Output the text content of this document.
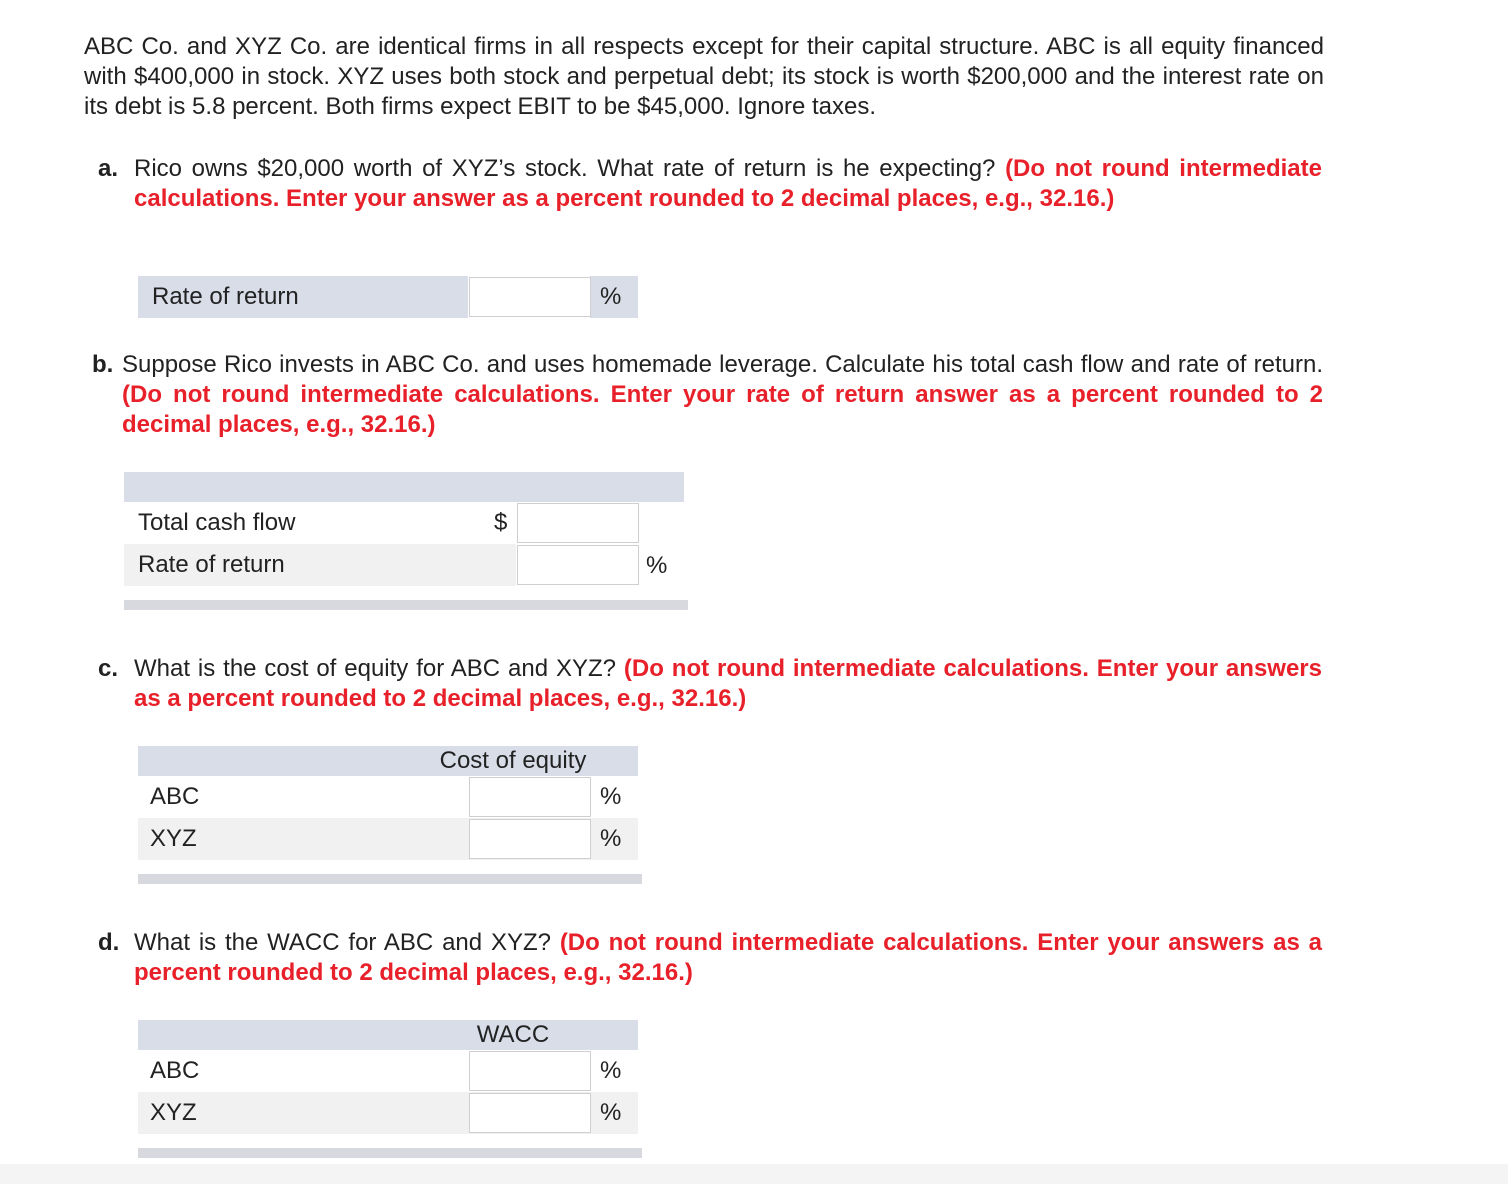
ABC Co. and XYZ Co. are identical firms in all respects except for their capital structure. ABC is all equity financed with $400,000 in stock. XYZ uses both stock and perpetual debt; its stock is worth $200,000 and the interest rate on its debt is 5.8 percent. Both firms expect EBIT to be $45,000. Ignore taxes.
a. Rico owns $20,000 worth of XYZ’s stock. What rate of return is he expecting? (Do not round intermediate calculations. Enter your answer as a percent rounded to 2 decimal places, e.g., 32.16.)
Rate of return	%
b. Suppose Rico invests in ABC Co. and uses homemade leverage. Calculate his total cash flow and rate of return. (Do not round intermediate calculations. Enter your rate of return answer as a percent rounded to 2 decimal places, e.g., 32.16.)
Total cash flow	$
Rate of return	%
c. What is the cost of equity for ABC and XYZ? (Do not round intermediate calculations. Enter your answers as a percent rounded to 2 decimal places, e.g., 32.16.)
Cost of equity
ABC	%
XYZ	%
d. What is the WACC for ABC and XYZ? (Do not round intermediate calculations. Enter your answers as a percent rounded to 2 decimal places, e.g., 32.16.)
WACC
ABC	%
XYZ	%
